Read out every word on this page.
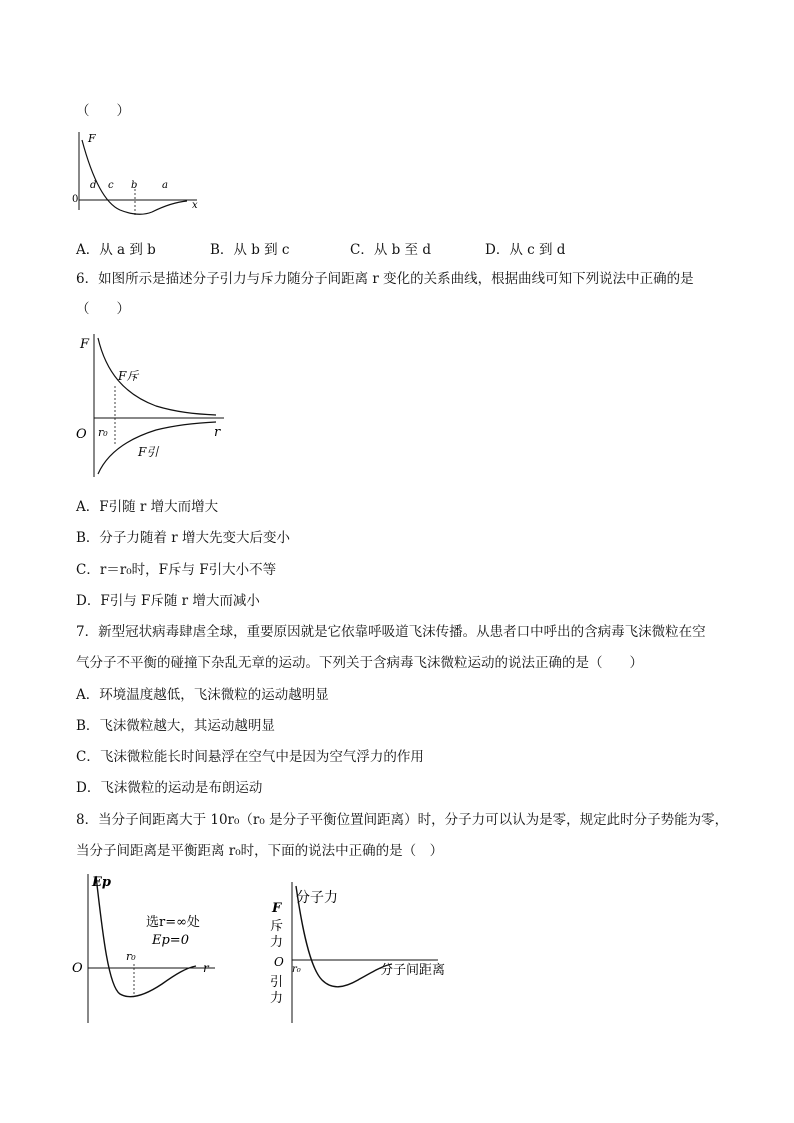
（　　）
F
0
x
d c b a
A．从 a 到 b	B．从 b 到 c	C．从 b 至 d	D．从 c 到 d
6．如图所示是描述分子引力与斥力随分子间距离 r 变化的关系曲线，根据曲线可知下列说法中正确的是
（　　）
F
O	r
r₀
F斥
F引
A．F引随 r 增大而增大
B．分子力随着 r 增大先变大后变小
C．r＝r₀时，F斥与 F引大小不等
D．F引与 F斥随 r 增大而减小
7．新型冠状病毒肆虐全球，重要原因就是它依靠呼吸道飞沫传播。从患者口中呼出的含病毒飞沫微粒在空
气分子不平衡的碰撞下杂乱无章的运动。下列关于含病毒飞沫微粒运动的说法正确的是（　　）
A．环境温度越低，飞沫微粒的运动越明显
B．飞沫微粒越大，其运动越明显
C．飞沫微粒能长时间悬浮在空气中是因为空气浮力的作用
D．飞沫微粒的运动是布朗运动
8．当分子间距离大于 10r₀（r₀ 是分子平衡位置间距离）时，分子力可以认为是零，规定此时分子势能为零，
当分子间距离是平衡距离 r₀时，下面的说法中正确的是（　）
Ep
O	r
r₀
选r=∞处
Ep=0
F
分子力
斥
力
O
r₀
引
力
分子间距离
